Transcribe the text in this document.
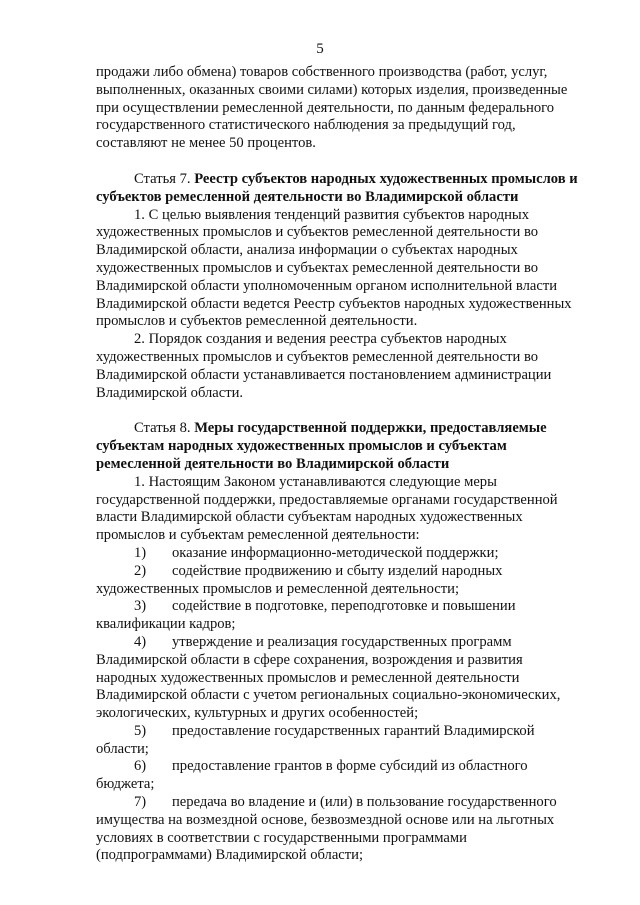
5

продажи либо обмена) товаров собственного производства (работ, услуг,

выполненных, оказанных своими силами) которых изделия, произведенные

при осуществлении ремесленной деятельности, по данным федерального

государственного статистического наблюдения за предыдущий год,

составляют не менее 50 процентов.

Статья 7. Реестр субъектов народных художественных промыслов и

субъектов ремесленной деятельности во Владимирской области

1. С целью выявления тенденций развития субъектов народных

художественных промыслов и субъектов ремесленной деятельности во

Владимирской области, анализа информации о субъектах народных

художественных промыслов и субъектах ремесленной деятельности во

Владимирской области уполномоченным органом исполнительной власти

Владимирской области ведется Реестр субъектов народных художественных

промыслов и субъектов ремесленной деятельности.

2. Порядок создания и ведения реестра субъектов народных

художественных промыслов и субъектов ремесленной деятельности во

Владимирской области устанавливается постановлением администрации

Владимирской области.

Статья 8. Меры государственной поддержки, предоставляемые

субъектам народных художественных промыслов и субъектам

ремесленной деятельности во Владимирской области

1. Настоящим Законом устанавливаются следующие меры

государственной поддержки, предоставляемые органами государственной

власти Владимирской области субъектам народных художественных

промыслов и субъектам ремесленной деятельности:

1) оказание информационно-методической поддержки;

2) содействие продвижению и сбыту изделий народных

художественных промыслов и ремесленной деятельности;

3) содействие в подготовке, переподготовке и повышении

квалификации кадров;

4) утверждение и реализация государственных программ

Владимирской области в сфере сохранения, возрождения и развития

народных художественных промыслов и ремесленной деятельности

Владимирской области с учетом региональных социально-экономических,

экологических, культурных и других особенностей;

5) предоставление государственных гарантий Владимирской

области;

6) предоставление грантов в форме субсидий из областного

бюджета;

7) передача во владение и (или) в пользование государственного

имущества на возмездной основе, безвозмездной основе или на льготных

условиях в соответствии с государственными программами

(подпрограммами) Владимирской области;
